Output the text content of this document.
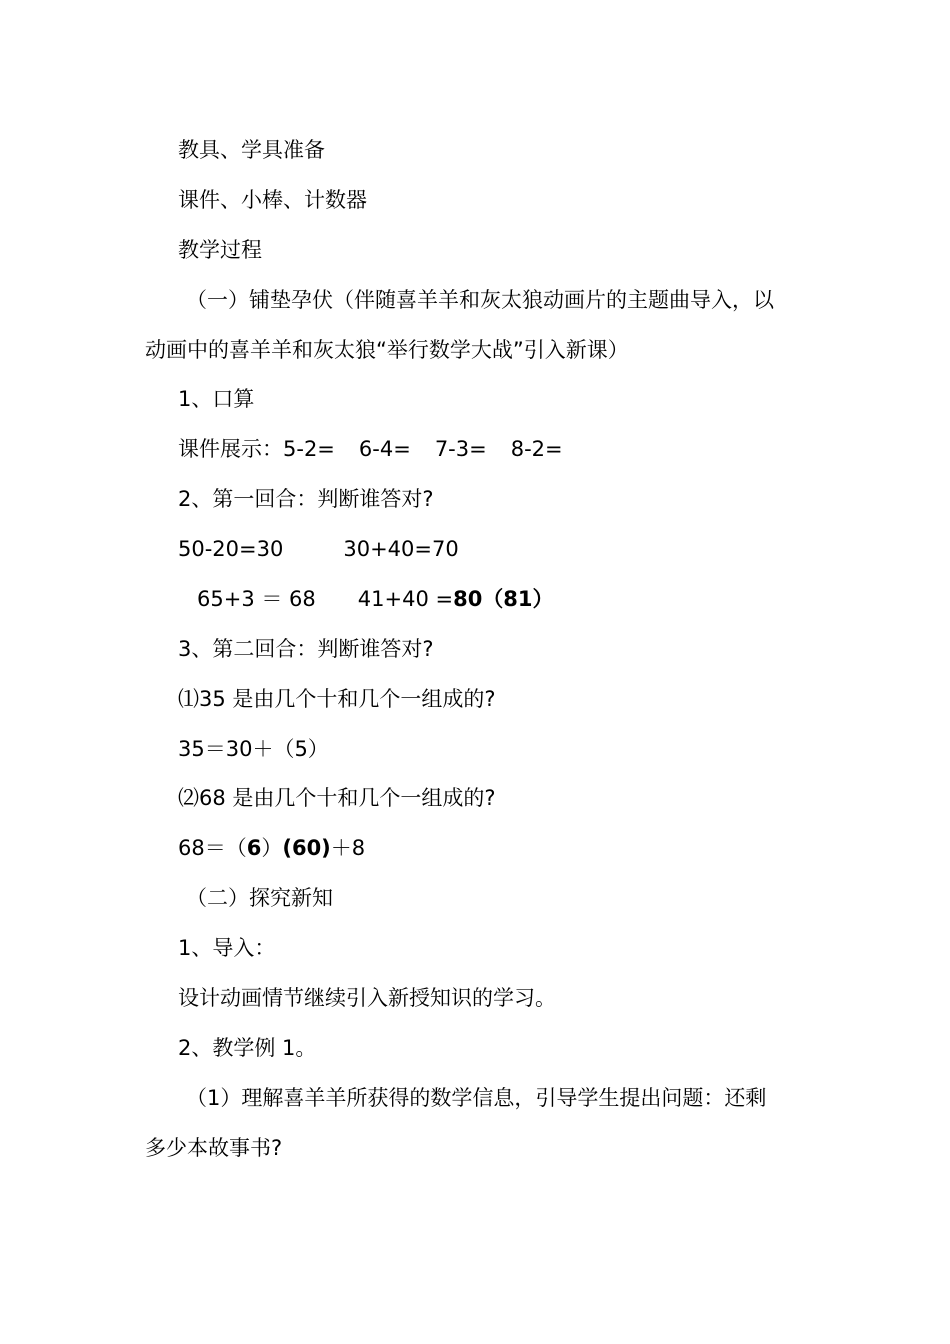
教具、学具准备
课件、小棒、计数器
教学过程
（一）铺垫孕伏（伴随喜羊羊和灰太狼动画片的主题曲导入，以
动画中的喜羊羊和灰太狼“举行数学大战”引入新课）
1、口算
课件展示：5-2= 6-4= 7-3= 8-2=
2、第一回合：判断谁答对?
50-20=30	30+40=70
65+3 ＝ 68 41+40 =80（81）
3、第二回合：判断谁答对?
⑴35 是由几个十和几个一组成的?
35＝30＋（5）
⑵68 是由几个十和几个一组成的?
68＝（6）(60)＋8
（二）探究新知
1、导入：
设计动画情节继续引入新授知识的学习。
2、教学例 1。
（1）理解喜羊羊所获得的数学信息，引导学生提出问题：还剩
多少本故事书?
